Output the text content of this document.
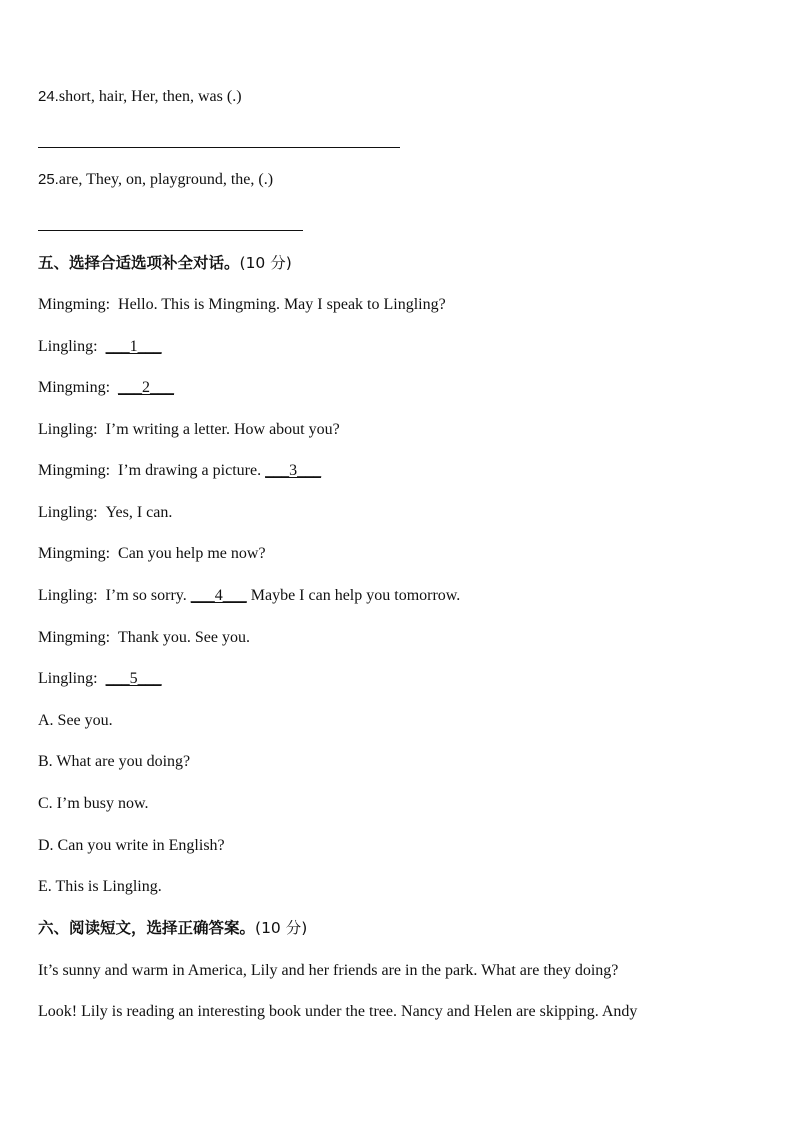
24.short, hair, Her, then, was (.)
25.are, They, on, playground, the, (.)
五、选择合适选项补全对话。(10 分)
Mingming: Hello. This is Mingming. May I speak to Lingling?
Lingling: ___1___
Mingming: ___2___
Lingling: I’m writing a letter. How about you?
Mingming: I’m drawing a picture. ___3___
Lingling: Yes, I can.
Mingming: Can you help me now?
Lingling: I’m so sorry. ___4___ Maybe I can help you tomorrow.
Mingming: Thank you. See you.
Lingling: ___5___
A. See you.
B. What are you doing?
C. I’m busy now.
D. Can you write in English?
E. This is Lingling.
六、阅读短文，选择正确答案。(10 分)
It’s sunny and warm in America, Lily and her friends are in the park. What are they doing?
Look! Lily is reading an interesting book under the tree. Nancy and Helen are skipping. Andy
